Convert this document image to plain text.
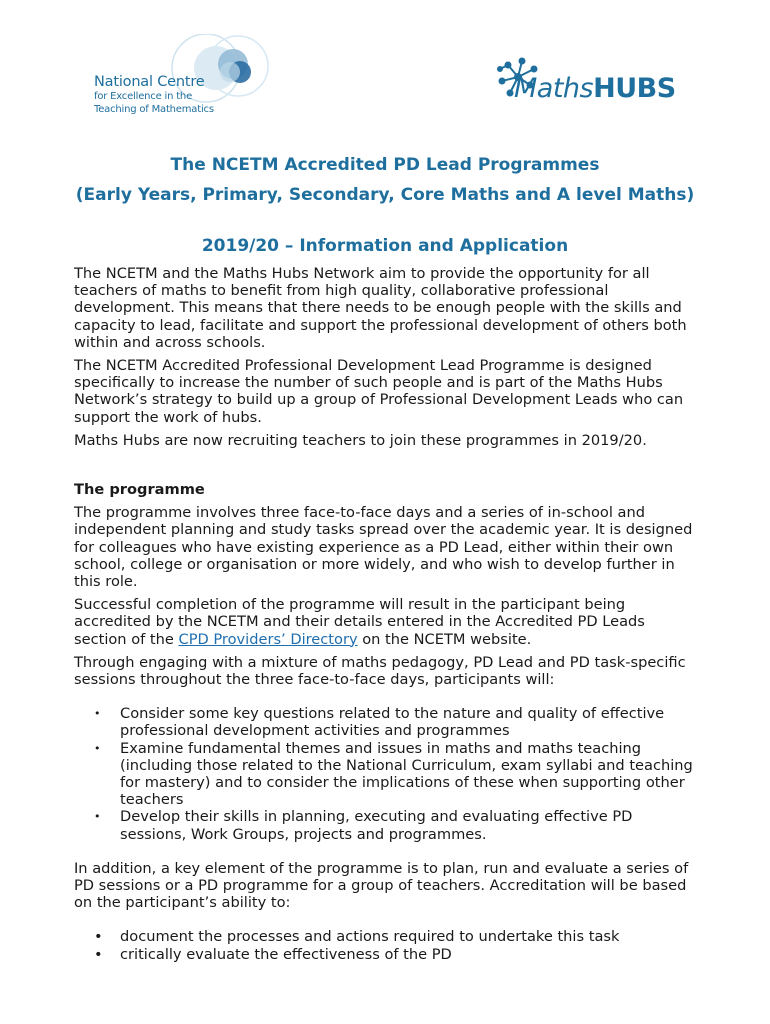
National Centre
for Excellence in the
Teaching of Mathematics
MathsHUBS
The NCETM Accredited PD Lead Programmes
(Early Years, Primary, Secondary, Core Maths and A level Maths)
2019/20 – Information and Application

The NCETM and the Maths Hubs Network aim to provide the opportunity for all teachers of maths to benefit from high quality, collaborative professional development. This means that there needs to be enough people with the skills and capacity to lead, facilitate and support the professional development of others both within and across schools.

The NCETM Accredited Professional Development Lead Programme is designed specifically to increase the number of such people and is part of the Maths Hubs Network’s strategy to build up a group of Professional Development Leads who can support the work of hubs.

Maths Hubs are now recruiting teachers to join these programmes in 2019/20.

The programme

The programme involves three face-to-face days and a series of in-school and independent planning and study tasks spread over the academic year. It is designed for colleagues who have existing experience as a PD Lead, either within their own school, college or organisation or more widely, and who wish to develop further in this role.

Successful completion of the programme will result in the participant being accredited by the NCETM and their details entered in the Accredited PD Leads section of the CPD Providers’ Directory on the NCETM website.

Through engaging with a mixture of maths pedagogy, PD Lead and PD task-specific sessions throughout the three face-to-face days, participants will:

• Consider some key questions related to the nature and quality of effective professional development activities and programmes
• Examine fundamental themes and issues in maths and maths teaching (including those related to the National Curriculum, exam syllabi and teaching for mastery) and to consider the implications of these when supporting other teachers
• Develop their skills in planning, executing and evaluating effective PD sessions, Work Groups, projects and programmes.

In addition, a key element of the programme is to plan, run and evaluate a series of PD sessions or a PD programme for a group of teachers. Accreditation will be based on the participant’s ability to:

• document the processes and actions required to undertake this task
• critically evaluate the effectiveness of the PD
